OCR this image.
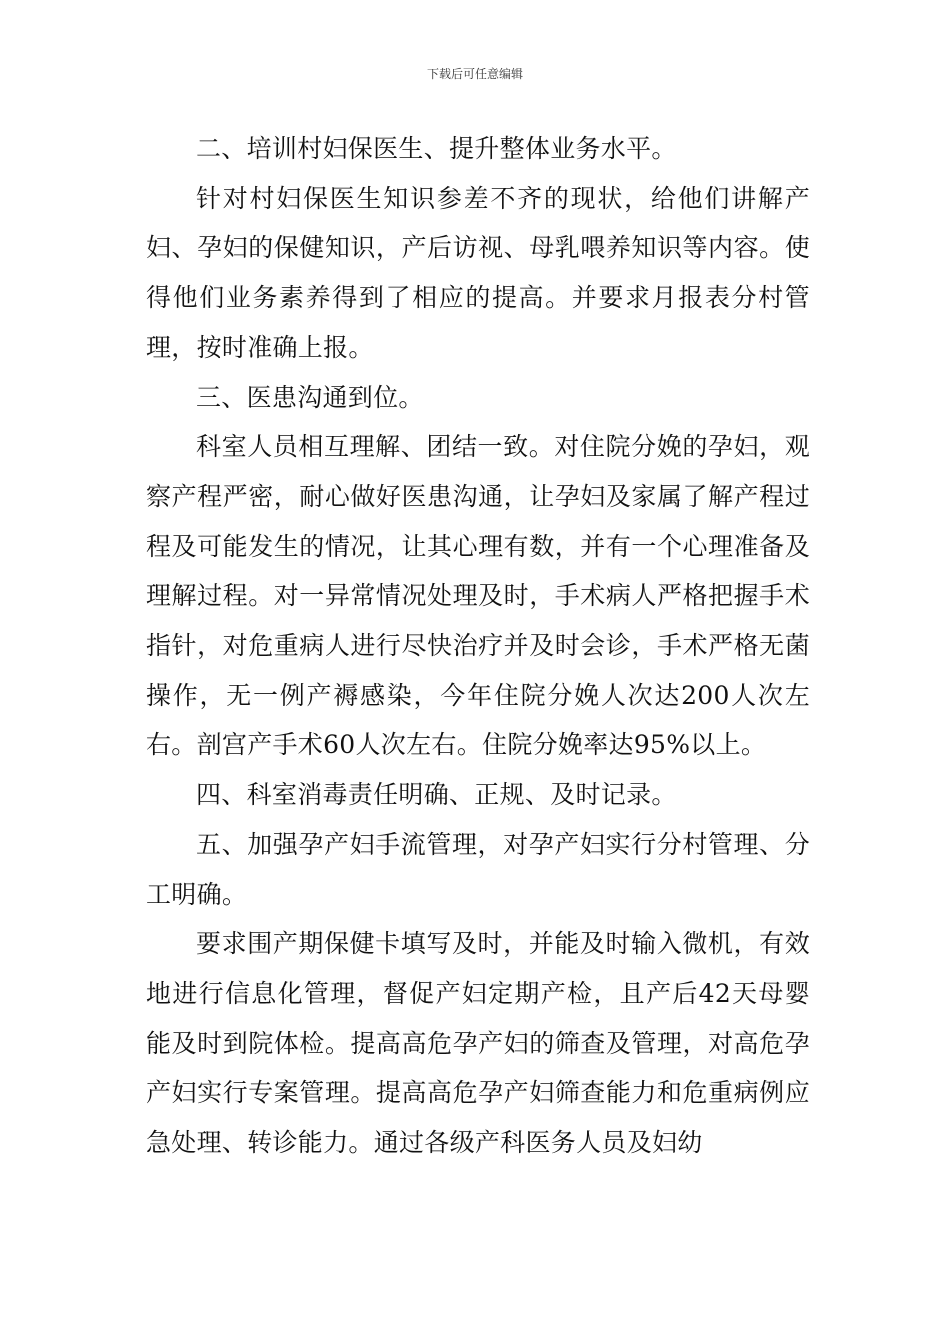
下载后可任意编辑

二、培训村妇保医生、提升整体业务水平。

针对村妇保医生知识参差不齐的现状，给他们讲解产妇、孕妇的保健知识，产后访视、母乳喂养知识等内容。使得他们业务素养得到了相应的提高。并要求月报表分村管理，按时准确上报。

三、医患沟通到位。

科室人员相互理解、团结一致。对住院分娩的孕妇，观察产程严密，耐心做好医患沟通，让孕妇及家属了解产程过程及可能发生的情况，让其心理有数，并有一个心理准备及理解过程。对一异常情况处理及时，手术病人严格把握手术指针，对危重病人进行尽快治疗并及时会诊，手术严格无菌操作，无一例产褥感染，今年住院分娩人次达200人次左右。剖宫产手术60人次左右。住院分娩率达95%以上。

四、科室消毒责任明确、正规、及时记录。

五、加强孕产妇手流管理，对孕产妇实行分村管理、分工明确。

要求围产期保健卡填写及时，并能及时输入微机，有效地进行信息化管理，督促产妇定期产检，且产后42天母婴能及时到院体检。提高高危孕产妇的筛查及管理，对高危孕产妇实行专案管理。提高高危孕产妇筛查能力和危重病例应急处理、转诊能力。通过各级产科医务人员及妇幼
